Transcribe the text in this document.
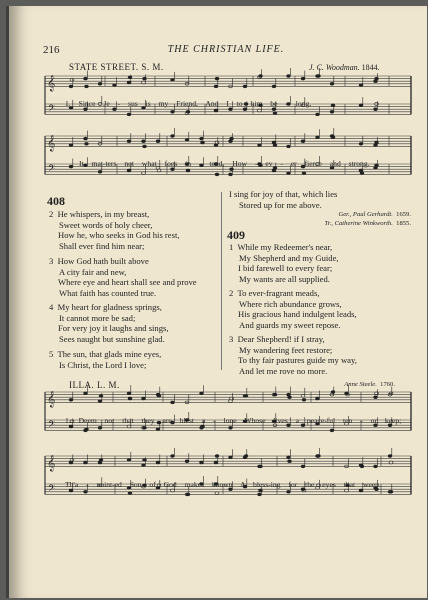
216	THE CHRISTIAN LIFE.
STATE STREET. S. M.	J. C. Woodman. 1844.
𝄞
𝄢 1. Since Je - sus is my Friend, And I to him be - long,
𝄞
𝄢	It mat-ters not what foes in - tend, How - ev - er fierce and strong.
408
2 He whispers, in my breast,
Sweet words of holy cheer,
How he, who seeks in God his rest,
Shall ever find him near;
3 How God hath built above
A city fair and new,
Where eye and heart shall see and prove
What faith has counted true.
4 My heart for gladness springs,
It cannot more be sad;
For very joy it laughs and sings,
Sees naught but sunshine glad.
5 The sun, that glads mine eyes,
Is Christ, the Lord I love;
I sing for joy of that, which lies
Stored up for me above.
Ger., Paul Gerhardt. 1659.
Tr., Catherine Winkworth. 1855.
409
1 While my Redeemer's near,
My Shepherd and my Guide,
I bid farewell to every fear;
My wants are all supplied.
2 To ever-fragrant meads,
Where rich abundance grows,
His gracious hand indulgent leads,
And guards my sweet repose.
3 Dear Shepherd! if I stray,
My wandering feet restore;
To thy fair pastures guide my way,
And let me rove no more.
Anne Steele. 1760.
ILLA. L. M.
𝄞
𝄢 1. Deem not that they are blest a - lone Whose lives a peace-ful ten - or keep;
𝄞
𝄢 Th'a - noint-ed Son of God makes known A bless-ing for the eyes that weep.
